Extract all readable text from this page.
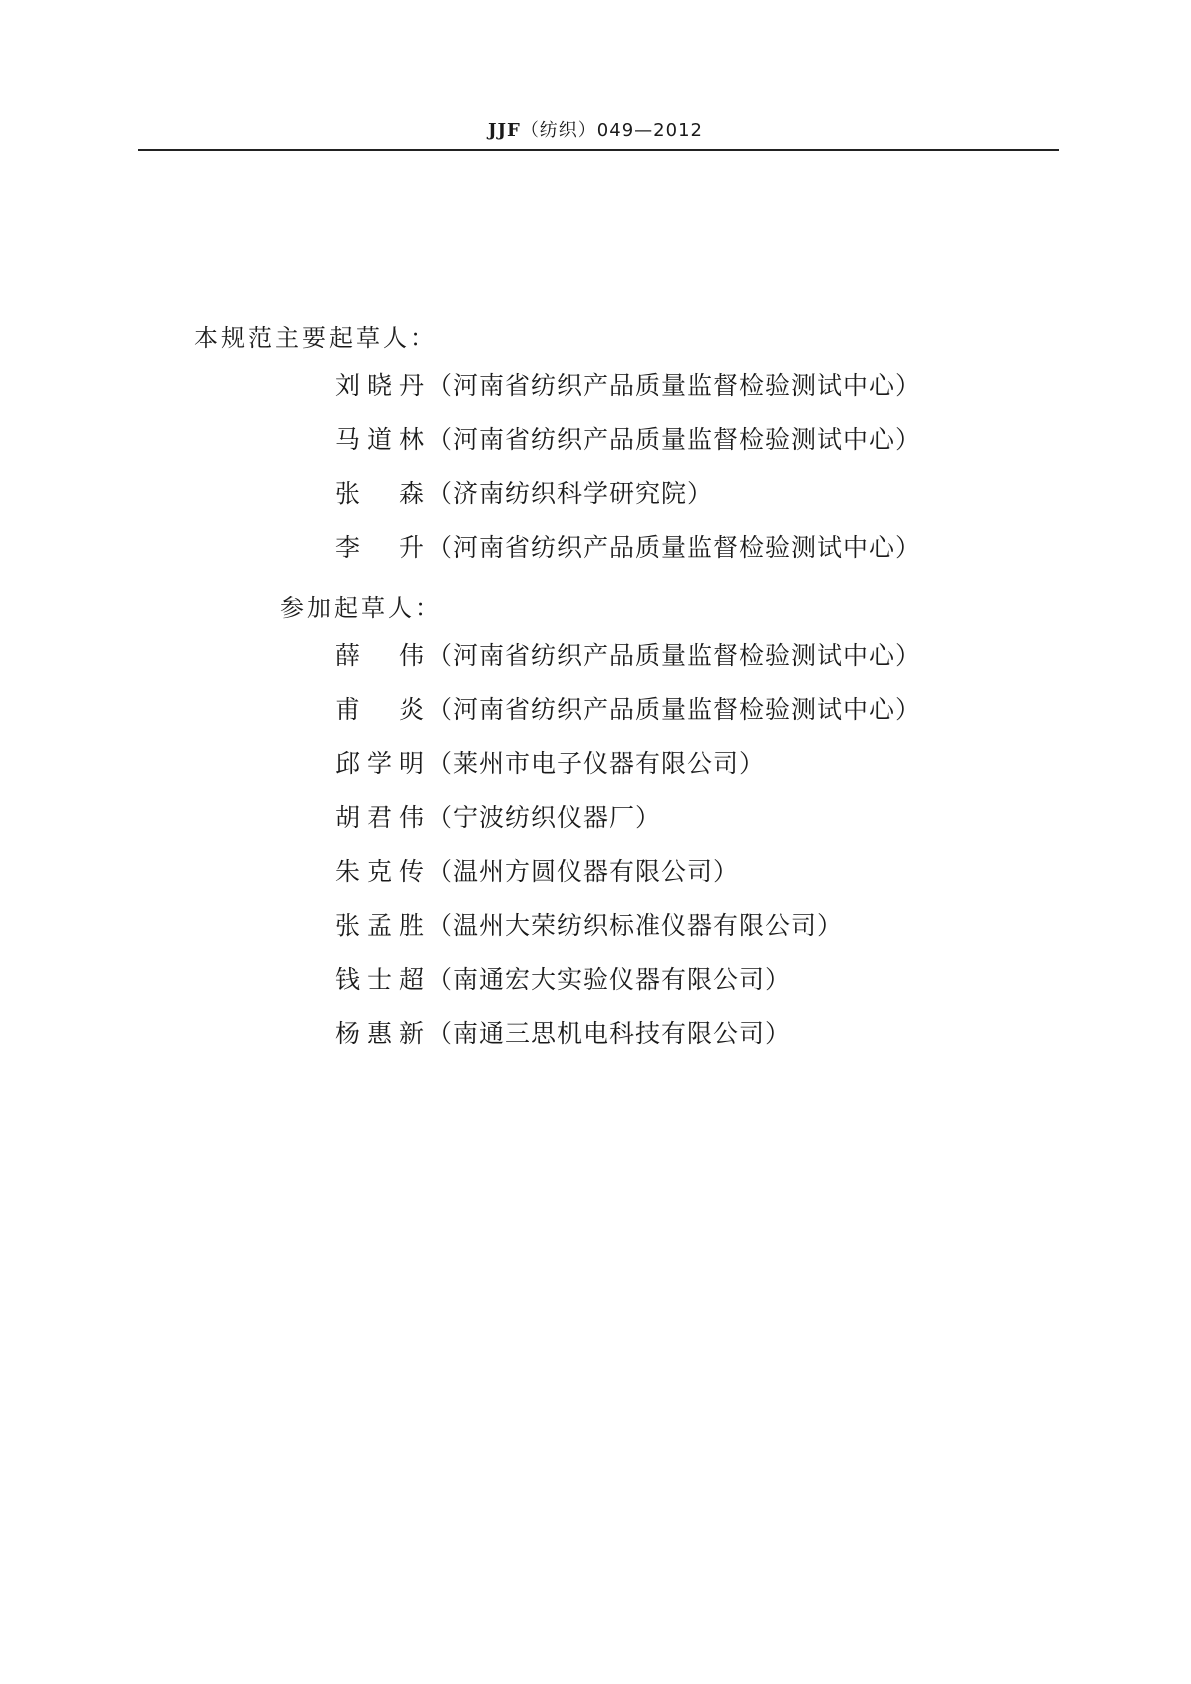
JJF（纺织）049—2012
本规范主要起草人：
刘晓丹（河南省纺织产品质量监督检验测试中心）
马道林（河南省纺织产品质量监督检验测试中心）
张 森（济南纺织科学研究院）
李 升（河南省纺织产品质量监督检验测试中心）
参加起草人：
薛 伟（河南省纺织产品质量监督检验测试中心）
甫 炎（河南省纺织产品质量监督检验测试中心）
邱学明（莱州市电子仪器有限公司）
胡君伟（宁波纺织仪器厂）
朱克传（温州方圆仪器有限公司）
张孟胜（温州大荣纺织标准仪器有限公司）
钱士超（南通宏大实验仪器有限公司）
杨惠新（南通三思机电科技有限公司）
